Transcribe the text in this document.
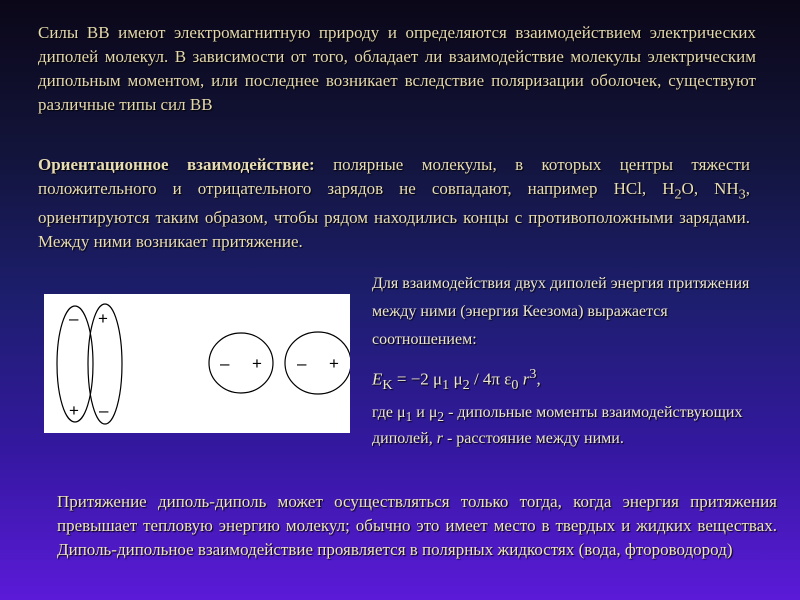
Силы ВВ имеют электромагнитную природу и определяются взаимодействием электрических диполей молекул. В зависимости от того, обладает ли взаимодействие молекулы электрическим дипольным моментом, или последнее возникает вследствие поляризации оболочек, существуют различные типы сил ВВ

Ориентационное взаимодействие: полярные молекулы, в которых центры тяжести положительного и отрицательного зарядов не совпадают, например HCl, $H_2O$, $NH_3$, ориентируются таким образом, чтобы рядом находились концы с противоположными зарядами. Между ними возникает притяжение.

–
+
+
–
– + – +

Для взаимодействия двух диполей энергия притяжения между ними (энергия Кеезома) выражается соотношением:

$E_K = -2$ $\mu_1$ $\mu_2 / 4\pi$ $\varepsilon_0$ $r^3$,

где $\mu_1$ и $\mu_2$ - дипольные моменты взаимодействующих диполей, r - расстояние между ними.

Притяжение диполь-диполь может осуществляться только тогда, когда энергия притяжения превышает тепловую энергию молекул; обычно это имеет место в твердых и жидких веществах. Диполь-дипольное взаимодействие проявляется в полярных жидкостях (вода, фтороводород)
